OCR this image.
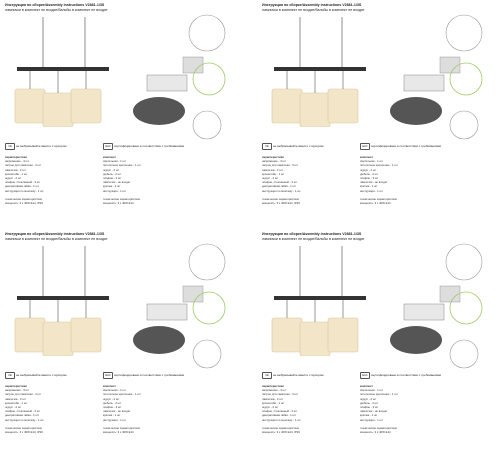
Инструкция по сборке/Assembly instructions V2881-1/3S
лампочки в комплект не входят/бальбы в комплект не входят
CE	не выбрасывайте вместе с мусором	EAC	сертифицировано в соответствии с требованиями
характеристики
напряжение - 3 шт
патрон для лампочки - 3 шт
лампочка - 3 шт
кронштейн - 1 шт
шуруп - 2 шт
плафон, стеклянный - 3 шт
декоративная гайка - 1 шт
инструкция по монтажу - 1 шт
технические характеристики
мощность: 3 x 40W E14, IP20
комплект
светильник - 1 шт
потолочное крепление - 1 шт
шуруп - 2 шт
дюбель - 2 шт
плафон - 3 шт
лампочки - не входят
крепеж - 1 шт
инструкция - 1 шт
технические характеристики
мощность: 3 x 40W E14
Инструкция по сборке/Assembly instructions V2881-1/3S
лампочки в комплект не входят/бальбы в комплект не входят
CE	не выбрасывайте вместе с мусором	EAC	сертифицировано в соответствии с требованиями
характеристики
напряжение - 3 шт
патрон для лампочки - 3 шт
лампочка - 3 шт
кронштейн - 1 шт
шуруп - 2 шт
плафон, стеклянный - 3 шт
декоративная гайка - 1 шт
инструкция по монтажу - 1 шт
технические характеристики
мощность: 3 x 40W E14, IP20
комплект
светильник - 1 шт
потолочное крепление - 1 шт
шуруп - 2 шт
дюбель - 2 шт
плафон - 3 шт
лампочки - не входят
крепеж - 1 шт
инструкция - 1 шт
технические характеристики
мощность: 3 x 40W E14
Инструкция по сборке/Assembly instructions V2881-1/3S
лампочки в комплект не входят/бальбы в комплект не входят
CE	не выбрасывайте вместе с мусором	EAC	сертифицировано в соответствии с требованиями
характеристики
напряжение - 3 шт
патрон для лампочки - 3 шт
лампочка - 3 шт
кронштейн - 1 шт
шуруп - 2 шт
плафон, стеклянный - 3 шт
декоративная гайка - 1 шт
инструкция по монтажу - 1 шт
технические характеристики
мощность: 3 x 40W E14, IP20
комплект
светильник - 1 шт
потолочное крепление - 1 шт
шуруп - 2 шт
дюбель - 2 шт
плафон - 3 шт
лампочки - не входят
крепеж - 1 шт
инструкция - 1 шт
технические характеристики
мощность: 3 x 40W E14
Инструкция по сборке/Assembly instructions V2881-1/3S
лампочки в комплект не входят/бальбы в комплект не входят
CE	не выбрасывайте вместе с мусором	EAC	сертифицировано в соответствии с требованиями
характеристики
напряжение - 3 шт
патрон для лампочки - 3 шт
лампочка - 3 шт
кронштейн - 1 шт
шуруп - 2 шт
плафон, стеклянный - 3 шт
декоративная гайка - 1 шт
инструкция по монтажу - 1 шт
технические характеристики
мощность: 3 x 40W E14, IP20
комплект
светильник - 1 шт
потолочное крепление - 1 шт
шуруп - 2 шт
дюбель - 2 шт
плафон - 3 шт
лампочки - не входят
крепеж - 1 шт
инструкция - 1 шт
технические характеристики
мощность: 3 x 40W E14
